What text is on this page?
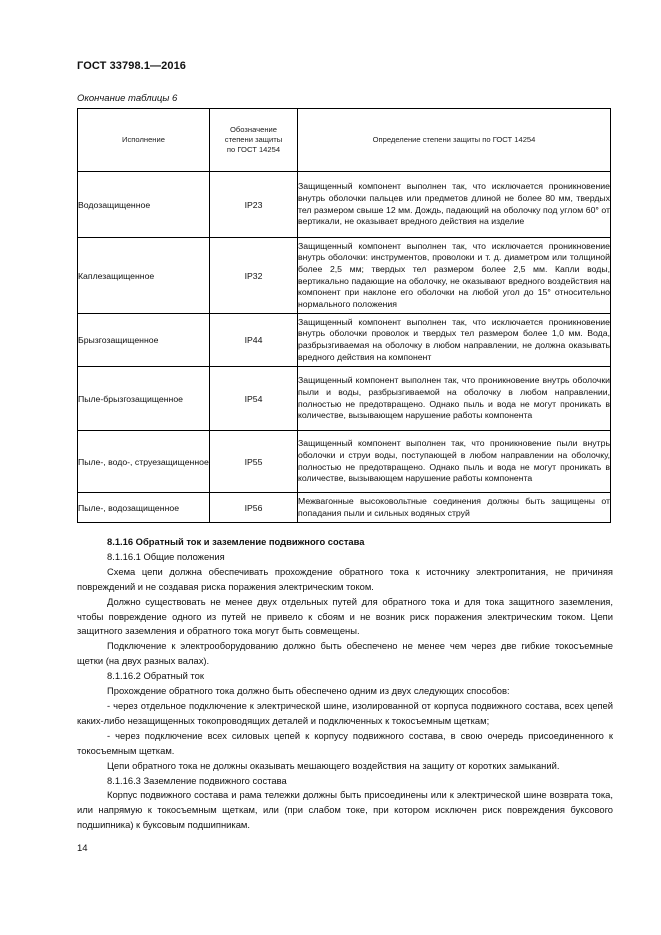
ГОСТ 33798.1—2016
Окончание таблицы 6
Исполнение	Обозначение степени защиты по ГОСТ 14254	Определение степени защиты по ГОСТ 14254
Водозащищенное	IP23	Защищенный компонент выполнен так, что исключается проникновение внутрь оболочки пальцев или предметов длиной не более 80 мм, твердых тел размером свыше 12 мм. Дождь, падающий на оболочку под углом 60° от вертикали, не оказывает вредного действия на изделие
Каплезащищенное	IP32	Защищенный компонент выполнен так, что исключается проникновение внутрь оболочки: инструментов, проволоки и т. д. диаметром или толщиной более 2,5 мм; твердых тел размером более 2,5 мм. Капли воды, вертикально падающие на оболочку, не оказывают вредного воздействия на компонент при наклоне его оболочки на любой угол до 15° относительно нормального положения
Брызгозащищенное	IP44	Защищенный компонент выполнен так, что исключается проникновение внутрь оболочки проволок и твердых тел размером более 1,0 мм. Вода, разбрызгиваемая на оболочку в любом направлении, не должна оказывать вредного действия на компонент
Пыле-брызгозащищенное	IP54	Защищенный компонент выполнен так, что проникновение внутрь оболочки пыли и воды, разбрызгиваемой на оболочку в любом направлении, полностью не предотвращено. Однако пыль и вода не могут проникать в количестве, вызывающем нарушение работы компонента
Пыле-, водо-, струезащищенное	IP55	Защищенный компонент выполнен так, что проникновение пыли внутрь оболочки и струи воды, поступающей в любом направлении на оболочку, полностью не предотвращено. Однако пыль и вода не могут проникать в количестве, вызывающем нарушение работы компонента
Пыле-, водозащищенное	IP56	Межвагонные высоковольтные соединения должны быть защищены от попадания пыли и сильных водяных струй

8.1.16 Обратный ток и заземление подвижного состава

8.1.16.1 Общие положения

Схема цепи должна обеспечивать прохождение обратного тока к источнику электропитания, не причиняя повреждений и не создавая риска поражения электрическим током.

Должно существовать не менее двух отдельных путей для обратного тока и для тока защитного заземления, чтобы повреждение одного из путей не привело к сбоям и не возник риск поражения электрическим током. Цепи защитного заземления и обратного тока могут быть совмещены.

Подключение к электрооборудованию должно быть обеспечено не менее чем через две гибкие токосъемные щетки (на двух разных валах).

8.1.16.2 Обратный ток

Прохождение обратного тока должно быть обеспечено одним из двух следующих способов:

- через отдельное подключение к электрической шине, изолированной от корпуса подвижного состава, всех цепей каких-либо незащищенных токопроводящих деталей и подключенных к токосъемным щеткам;

- через подключение всех силовых цепей к корпусу подвижного состава, в свою очередь присоединенного к токосъемным щеткам.

Цепи обратного тока не должны оказывать мешающего воздействия на защиту от коротких замыканий.

8.1.16.3 Заземление подвижного состава

Корпус подвижного состава и рама тележки должны быть присоединены или к электрической шине возврата тока, или напрямую к токосъемным щеткам, или (при слабом токе, при котором исключен риск повреждения буксового подшипника) к буксовым подшипникам.

14
